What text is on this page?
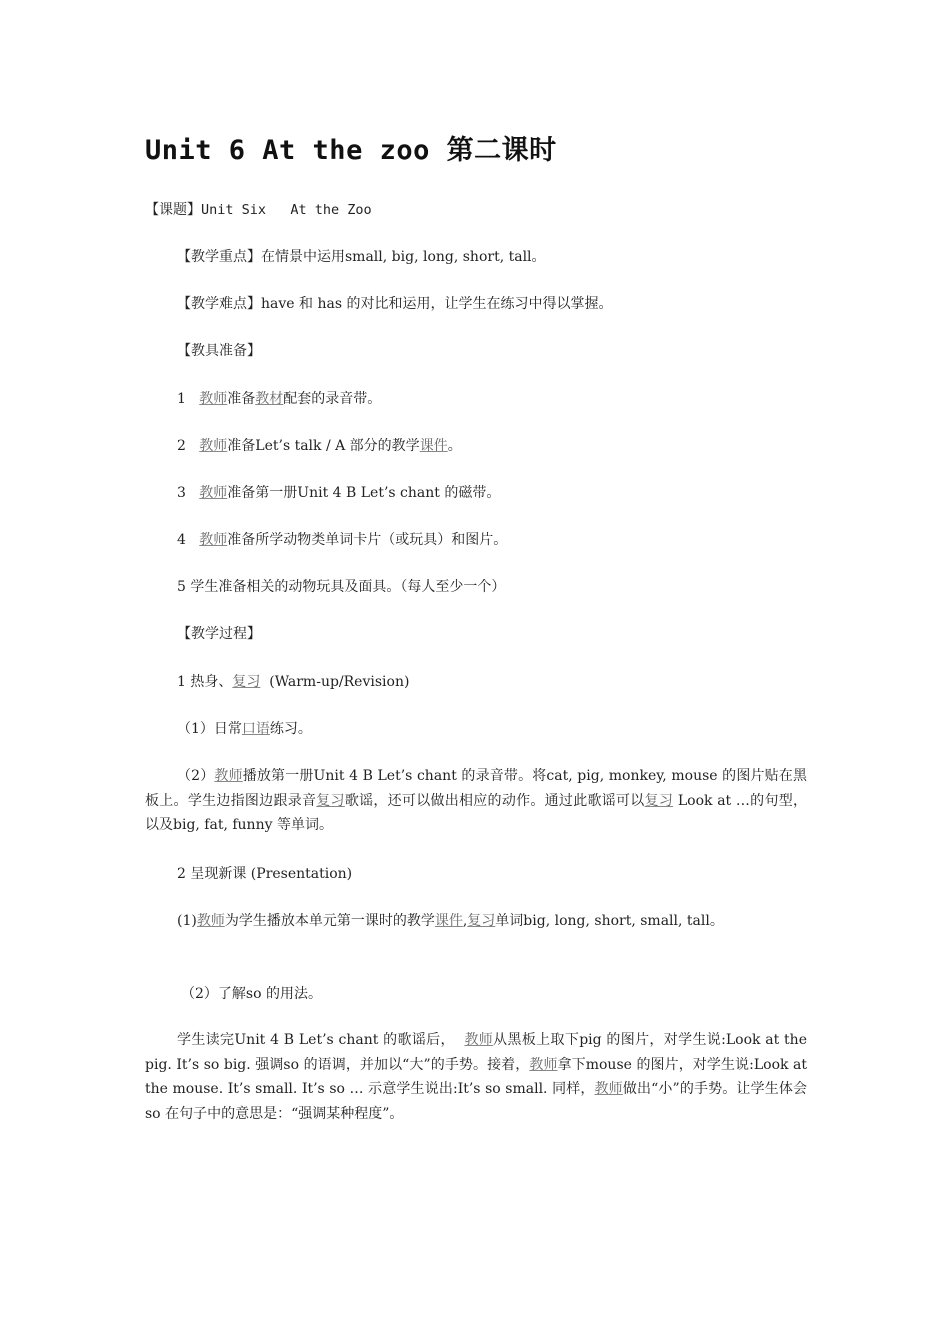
Unit 6 At the zoo 第二课时
【课题】Unit Six   At the Zoo
【教学重点】在情景中运用small, big, long, short, tall。
【教学难点】have 和 has 的对比和运用，让学生在练习中得以掌握。
【教具准备】
1 教师准备教材配套的录音带。
2 教师准备Let’s talk / A 部分的教学课件。
3 教师准备第一册Unit 4 B Let’s chant 的磁带。
4 教师准备所学动物类单词卡片（或玩具）和图片。
5 学生准备相关的动物玩具及面具。（每人至少一个）
【教学过程】
1 热身、复习  (Warm-up/Revision)
（1）日常口语练习。
（2）教师播放第一册Unit 4 B Let’s chant 的录音带。将cat, pig, monkey, mouse 的图片贴在黑板上。学生边指图边跟录音复习歌谣，还可以做出相应的动作。通过此歌谣可以复习 Look at …的句型， 以及big, fat, funny 等单词。
2 呈现新课 (Presentation)
(1)教师为学生播放本单元第一课时的教学课件,复习单词big, long, short, small, tall。
（2）了解so 的用法。
学生读完Unit 4 B Let’s chant 的歌谣后，  教师从黑板上取下pig 的图片，对学生说:Look at the pig. It’s so big. 强调so 的语调，并加以“大”的手势。接着，教师拿下mouse 的图片，对学生说:Look at the mouse. It’s small. It’s so … 示意学生说出:It’s so small. 同样，教师做出“小”的手势。让学生体会 so 在句子中的意思是：“强调某种程度”。
